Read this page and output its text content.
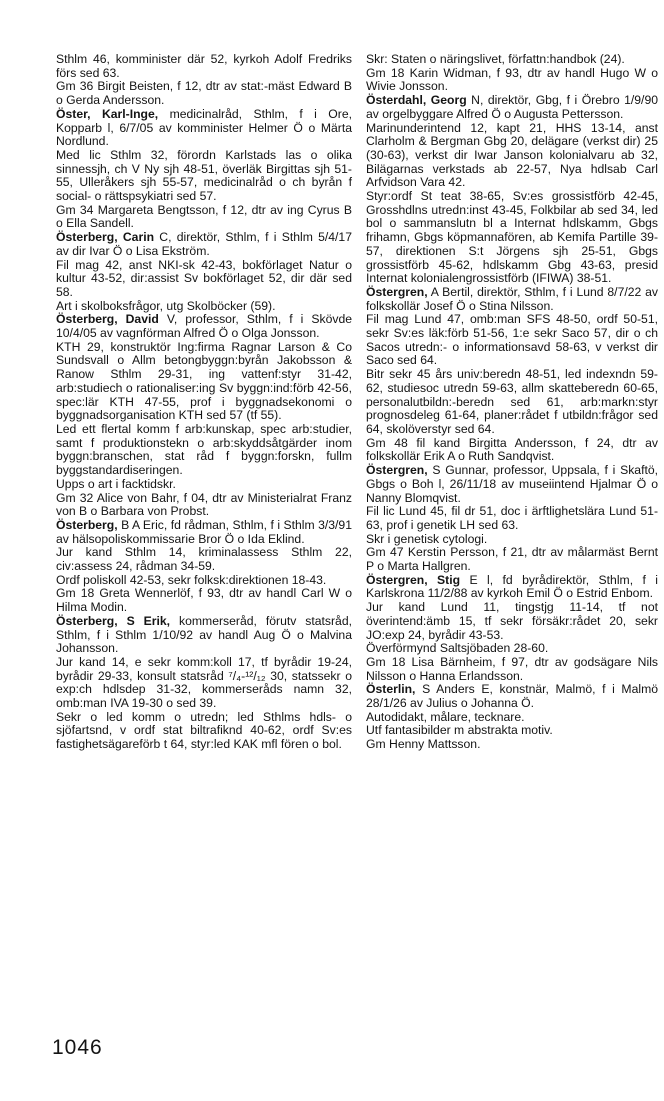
Sthlm 46, komminister där 52, kyrkoh Adolf Fredriks förs sed 63.

Gm 36 Birgit Beisten, f 12, dtr av stat:-mäst Edward B o Gerda Andersson.

Öster, Karl-Inge, medicinalråd, Sthlm, f i Ore, Kopparb l, 6/7/05 av komminister Helmer Ö o Märta Nordlund.

Med lic Sthlm 32, förordn Karlstads las o olika sinnessjh, ch V Ny sjh 48-51, överläk Birgittas sjh 51-55, Ulleråkers sjh 55-57, medicinalråd o ch byrån f social- o rättspsykiatri sed 57.

Gm 34 Margareta Bengtsson, f 12, dtr av ing Cyrus B o Ella Sandell.

Österberg, Carin C, direktör, Sthlm, f i Sthlm 5/4/17 av dir Ivar Ö o Lisa Ekström.

Fil mag 42, anst NKI-sk 42-43, bokförlaget Natur o kultur 43-52, dir:assist Sv bokförlaget 52, dir där sed 58.

Art i skolboksfrågor, utg Skolböcker (59).

Österberg, David V, professor, Sthlm, f i Skövde 10/4/05 av vagnförman Alfred Ö o Olga Jonsson.

KTH 29, konstruktör Ing:firma Ragnar Larson & Co Sundsvall o Allm betongbyggn:byrån Jakobsson & Ranow Sthlm 29-31, ing vattenf:styr 31-42, arb:studiech o rationaliser:ing Sv byggn:ind:förb 42-56, spec:lär KTH 47-55, prof i byggnadsekonomi o byggnadsorganisation KTH sed 57 (tf 55).

Led ett flertal komm f arb:kunskap, spec arb:studier, samt f produktionstekn o arb:skyddsåtgärder inom byggn:branschen, stat råd f byggn:forskn, fullm byggstandardiseringen.

Upps o art i facktidskr.

Gm 32 Alice von Bahr, f 04, dtr av Ministerialrat Franz von B o Barbara von Probst.

Österberg, B A Eric, fd rådman, Sthlm, f i Sthlm 3/3/91 av hälsopoliskommissarie Bror Ö o Ida Eklind.

Jur kand Sthlm 14, kriminalassess Sthlm 22, civ:assess 24, rådman 34-59.

Ordf poliskoll 42-53, sekr folksk:direktionen 18-43.

Gm 18 Greta Wennerlöf, f 93, dtr av handl Carl W o Hilma Modin.

Österberg, S Erik, kommerseråd, förutv statsråd, Sthlm, f i Sthlm 1/10/92 av handl Aug Ö o Malvina Johansson.

Jur kand 14, e sekr komm:koll 17, tf byrådir 19-24, byrådir 29-33, konsult statsråd ⁷/₄-¹²/₁₂ 30, statssekr o exp:ch hdlsdep 31-32, kommerseråds namn 32, omb:man IVA 19-30 o sed 39.

Sekr o led komm o utredn; led Sthlms hdls- o sjöfartsnd, v ordf stat biltrafiknd 40-62, ordf Sv:es fastighetsägareförb t 64, styr:led KAK mfl fören o bol.

Skr: Staten o näringslivet, författn:handbok (24).

Gm 18 Karin Widman, f 93, dtr av handl Hugo W o Wivie Jonsson.

Österdahl, Georg N, direktör, Gbg, f i Örebro 1/9/90 av orgelbyggare Alfred Ö o Augusta Pettersson.

Marinunderintend 12, kapt 21, HHS 13-14, anst Clarholm & Bergman Gbg 20, delägare (verkst dir) 25 (30-63), verkst dir Iwar Janson kolonialvaru ab 32, Bilägarnas verkstads ab 22-57, Nya hdlsab Carl Arfvidson Vara 42.

Styr:ordf St teat 38-65, Sv:es grossistförb 42-45, Grosshdlns utredn:inst 43-45, Folkbilar ab sed 34, led bol o sammanslutn bl a Internat hdlskamm, Gbgs frihamn, Gbgs köpmannafören, ab Kemifa Partille 39-57, direktionen S:t Jörgens sjh 25-51, Gbgs grossistförb 45-62, hdlskamm Gbg 43-63, presid Internat kolonialengrossistförb (IFIWA) 38-51.

Östergren, A Bertil, direktör, Sthlm, f i Lund 8/7/22 av folkskollär Josef Ö o Stina Nilsson.

Fil mag Lund 47, omb:man SFS 48-50, ordf 50-51, sekr Sv:es läk:förb 51-56, 1:e sekr Saco 57, dir o ch Sacos utredn:- o informationsavd 58-63, v verkst dir Saco sed 64.

Bitr sekr 45 års univ:beredn 48-51, led indexndn 59-62, studiesoc utredn 59-63, allm skatteberedn 60-65, personalutbildn:-beredn sed 61, arb:markn:styr prognosdeleg 61-64, planer:rådet f utbildn:frågor sed 64, skolöverstyr sed 64.

Gm 48 fil kand Birgitta Andersson, f 24, dtr av folkskollär Erik A o Ruth Sandqvist.

Östergren, S Gunnar, professor, Uppsala, f i Skaftö, Gbgs o Boh l, 26/11/18 av museiintend Hjalmar Ö o Nanny Blomqvist.

Fil lic Lund 45, fil dr 51, doc i ärftlighetslära Lund 51-63, prof i genetik LH sed 63.

Skr i genetisk cytologi.

Gm 47 Kerstin Persson, f 21, dtr av målarmäst Bernt P o Marta Hallgren.

Östergren, Stig E l, fd byrådirektör, Sthlm, f i Karlskrona 11/2/88 av kyrkoh Emil Ö o Estrid Enbom.

Jur kand Lund 11, tingstjg 11-14, tf not överintend:ämb 15, tf sekr försäkr:rådet 20, sekr JO:exp 24, byrådir 43-53.

Överförmynd Saltsjöbaden 28-60.

Gm 18 Lisa Bärnheim, f 97, dtr av godsägare Nils Nilsson o Hanna Erlandsson.

Österlin, S Anders E, konstnär, Malmö, f i Malmö 28/1/26 av Julius o Johanna Ö.

Autodidakt, målare, tecknare.

Utf fantasibilder m abstrakta motiv.

Gm Henny Mattsson.

1046
